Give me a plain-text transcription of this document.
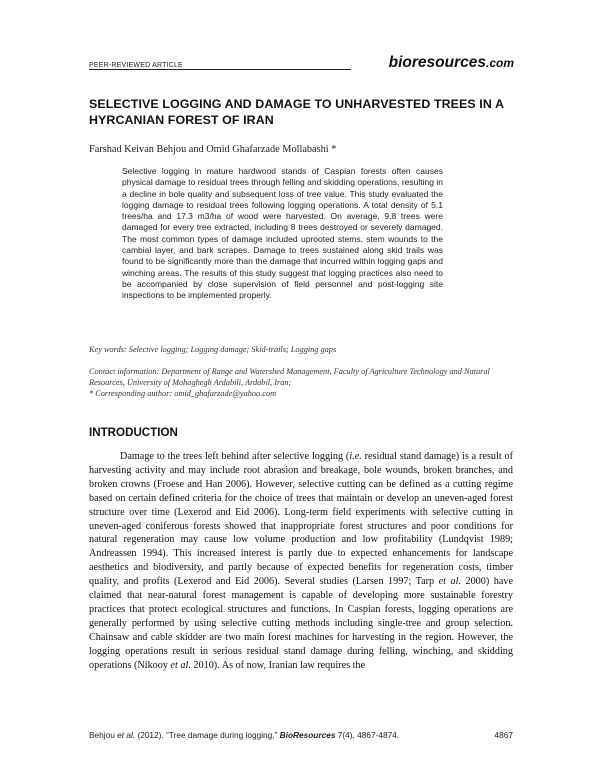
PEER-REVIEWED ARTICLE	bioresources.com
SELECTIVE LOGGING AND DAMAGE TO UNHARVESTED TREES IN A HYRCANIAN FOREST OF IRAN
Farshad Keivan Behjou and Omid Ghafarzade Mollabashi *

Selective logging in mature hardwood stands of Caspian forests often causes physical damage to residual trees through felling and skidding operations, resulting in a decline in bole quality and subsequent loss of tree value. This study evaluated the logging damage to residual trees following logging operations. A total density of 5.1 trees/ha and 17.3 m3/ha of wood were harvested. On average, 9.8 trees were damaged for every tree extracted, including 8 trees destroyed or severely damaged. The most common types of damage included uprooted stems, stem wounds to the cambial layer, and bark scrapes. Damage to trees sustained along skid trails was found to be significantly more than the damage that incurred within logging gaps and winching areas. The results of this study suggest that logging practices also need to be accompanied by close supervision of field personnel and post-logging site inspections to be implemented properly.

Key words: Selective logging; Logging damage; Skid-trails; Logging gaps

Contact information: Department of Range and Watershed Management, Faculty of Agriculture Technology and Natural Resources, University of Mohaghegh Ardabili, Ardabil, Iran;
* Corresponding author: omid_ghafarzade@yahoo.com

INTRODUCTION

Damage to the trees left behind after selective logging (i.e. residual stand damage) is a result of harvesting activity and may include root abrasion and breakage, bole wounds, broken branches, and broken crowns (Froese and Han 2006). However, selective cutting can be defined as a cutting regime based on certain defined criteria for the choice of trees that maintain or develop an uneven-aged forest structure over time (Lexerod and Eid 2006). Long-term field experiments with selective cutting in uneven-aged coniferous forests showed that inappropriate forest structures and poor conditions for natural regeneration may cause low volume production and low profitability (Lundqvist 1989; Andreassen 1994). This increased interest is partly due to expected enhancements for landscape aesthetics and biodiversity, and partly because of expected benefits for regeneration costs, timber quality, and profits (Lexerod and Eid 2006). Several studies (Larsen 1997; Tarp et al. 2000) have claimed that near-natural forest management is capable of developing more sustainable forestry practices that protect ecological structures and functions. In Caspian forests, logging operations are generally performed by using selective cutting methods including single-tree and group selection. Chainsaw and cable skidder are two main forest machines for harvesting in the region. However, the logging operations result in serious residual stand damage during felling, winching, and skidding operations (Nikooy et al. 2010). As of now, Iranian law requires the

Behjou et al. (2012). “Tree damage during logging,” BioResources 7(4), 4867-4874.	4867
